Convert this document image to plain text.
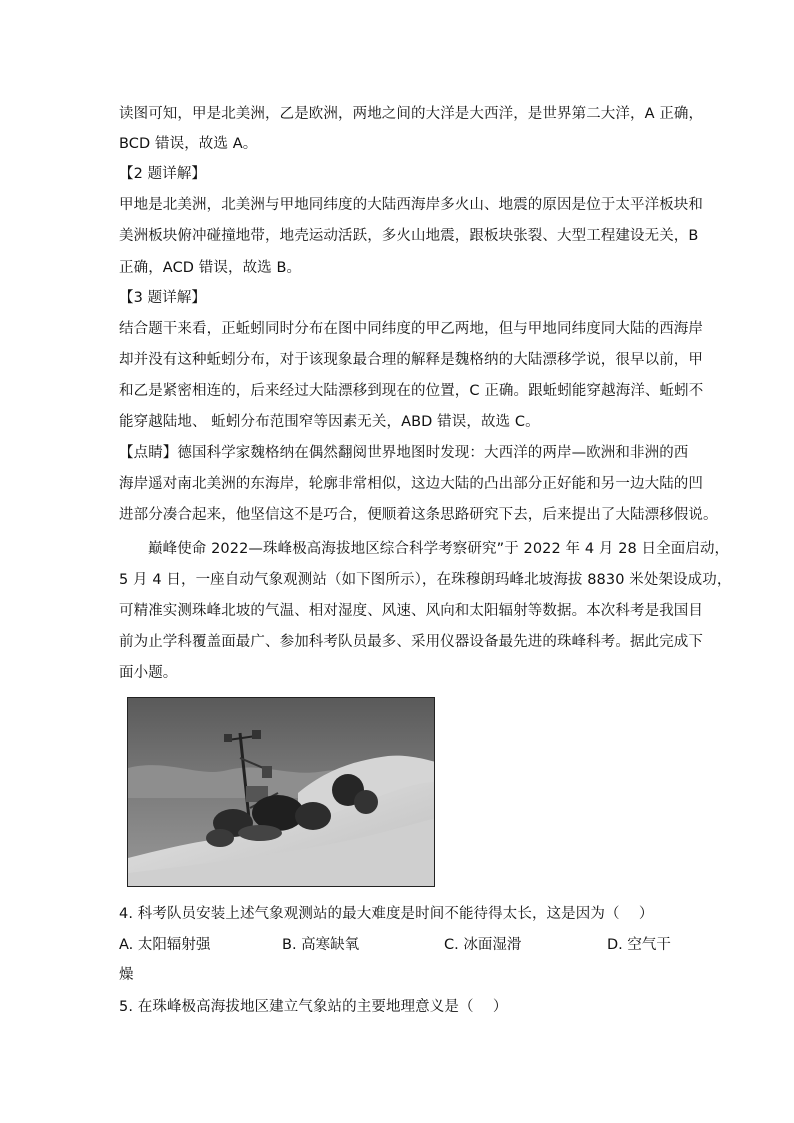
读图可知，甲是北美洲，乙是欧洲，两地之间的大洋是大西洋，是世界第二大洋，A 正确，
BCD 错误，故选 A。
【2 题详解】
甲地是北美洲，北美洲与甲地同纬度的大陆西海岸多火山、地震的原因是位于太平洋板块和
美洲板块俯冲碰撞地带，地壳运动活跃，多火山地震，跟板块张裂、大型工程建设无关，B
正确，ACD 错误，故选 B。
【3 题详解】
结合题干来看，正蚯蚓同时分布在图中同纬度的甲乙两地，但与甲地同纬度同大陆的西海岸
却并没有这种蚯蚓分布，对于该现象最合理的解释是魏格纳的大陆漂移学说，很早以前，甲
和乙是紧密相连的，后来经过大陆漂移到现在的位置，C 正确。跟蚯蚓能穿越海洋、蚯蚓不
能穿越陆地、 蚯蚓分布范围窄等因素无关，ABD 错误，故选 C。
【点睛】德国科学家魏格纳在偶然翻阅世界地图时发现：大西洋的两岸—欧洲和非洲的西
海岸遥对南北美洲的东海岸，轮廓非常相似，这边大陆的凸出部分正好能和另一边大陆的凹
进部分凑合起来，他坚信这不是巧合，便顺着这条思路研究下去，后来提出了大陆漂移假说。
巅峰使命 2022—珠峰极高海拔地区综合科学考察研究”于 2022 年 4 月 28 日全面启动，
5 月 4 日，一座自动气象观测站（如下图所示），在珠穆朗玛峰北坡海拔 8830 米处架设成功，
可精准实测珠峰北坡的气温、相对湿度、风速、风向和太阳辐射等数据。本次科考是我国目
前为止学科覆盖面最广、参加科考队员最多、采用仪器设备最先进的珠峰科考。据此完成下
面小题。
4. 科考队员安装上述气象观测站的最大难度是时间不能待得太长，这是因为（　 ）
A. 太阳辐射强	B. 高寒缺氧	C. 冰面湿滑	D. 空气干
燥
5. 在珠峰极高海拔地区建立气象站的主要地理意义是（　 ）
